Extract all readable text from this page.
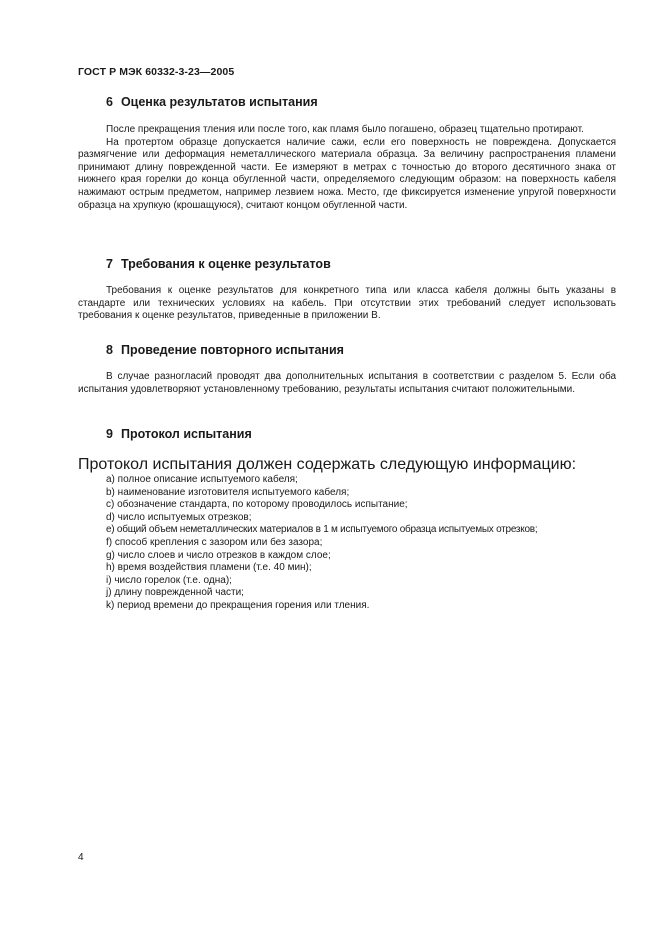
ГОСТ Р МЭК 60332-3-23—2005
6 Оценка результатов испытания

После прекращения тления или после того, как пламя было погашено, образец тщательно протирают.

На протертом образце допускается наличие сажи, если его поверхность не повреждена. Допускается размягчение или деформация неметаллического материала образца. За величину распространения пламени принимают длину поврежденной части. Ее измеряют в метрах с точностью до второго десятичного знака от нижнего края горелки до конца обугленной части, определяемого следующим образом: на поверхность кабеля нажимают острым предметом, например лезвием ножа. Место, где фиксируется изменение упругой поверхности образца на хрупкую (крошащуюся), считают концом обугленной части.

7 Требования к оценке результатов

Требования к оценке результатов для конкретного типа или класса кабеля должны быть указаны в стандарте или технических условиях на кабель. При отсутствии этих требований следует использовать требования к оценке результатов, приведенные в приложении В.

8 Проведение повторного испытания

В случае разногласий проводят два дополнительных испытания в соответствии с разделом 5. Если оба испытания удовлетворяют установленному требованию, результаты испытания считают положительными.

9 Протокол испытания
Протокол испытания должен содержать следующую информацию:
a) полное описание испытуемого кабеля;
b) наименование изготовителя испытуемого кабеля;
c) обозначение стандарта, по которому проводилось испытание;
d) число испытуемых отрезков;
e) общий объем неметаллических материалов в 1 м испытуемого образца испытуемых отрезков;
f) способ крепления с зазором или без зазора;
g) число слоев и число отрезков в каждом слое;
h) время воздействия пламени (т.е. 40 мин);
i) число горелок (т.е. одна);
j) длину поврежденной части;
k) период времени до прекращения горения или тления.
4
